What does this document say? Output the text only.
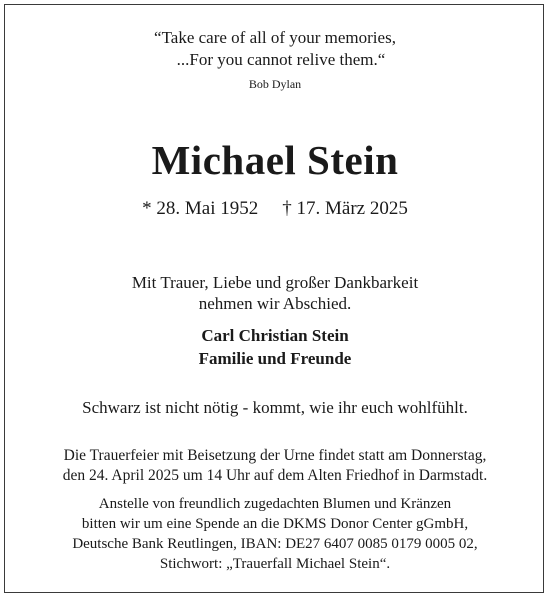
“Take care of all of your memories,
...For you cannot relive them.“
Bob Dylan
Michael Stein
* 28. Mai 1952 † 17. März 2025
Mit Trauer, Liebe und großer Dankbarkeit
nehmen wir Abschied.
Carl Christian Stein
Familie und Freunde
Schwarz ist nicht nötig - kommt, wie ihr euch wohlfühlt.
Die Trauerfeier mit Beisetzung der Urne findet statt am Donnerstag,
den 24. April 2025 um 14 Uhr auf dem Alten Friedhof in Darmstadt.
Anstelle von freundlich zugedachten Blumen und Kränzen
bitten wir um eine Spende an die DKMS Donor Center gGmbH,
Deutsche Bank Reutlingen, IBAN: DE27 6407 0085 0179 0005 02,
Stichwort: „Trauerfall Michael Stein“.
